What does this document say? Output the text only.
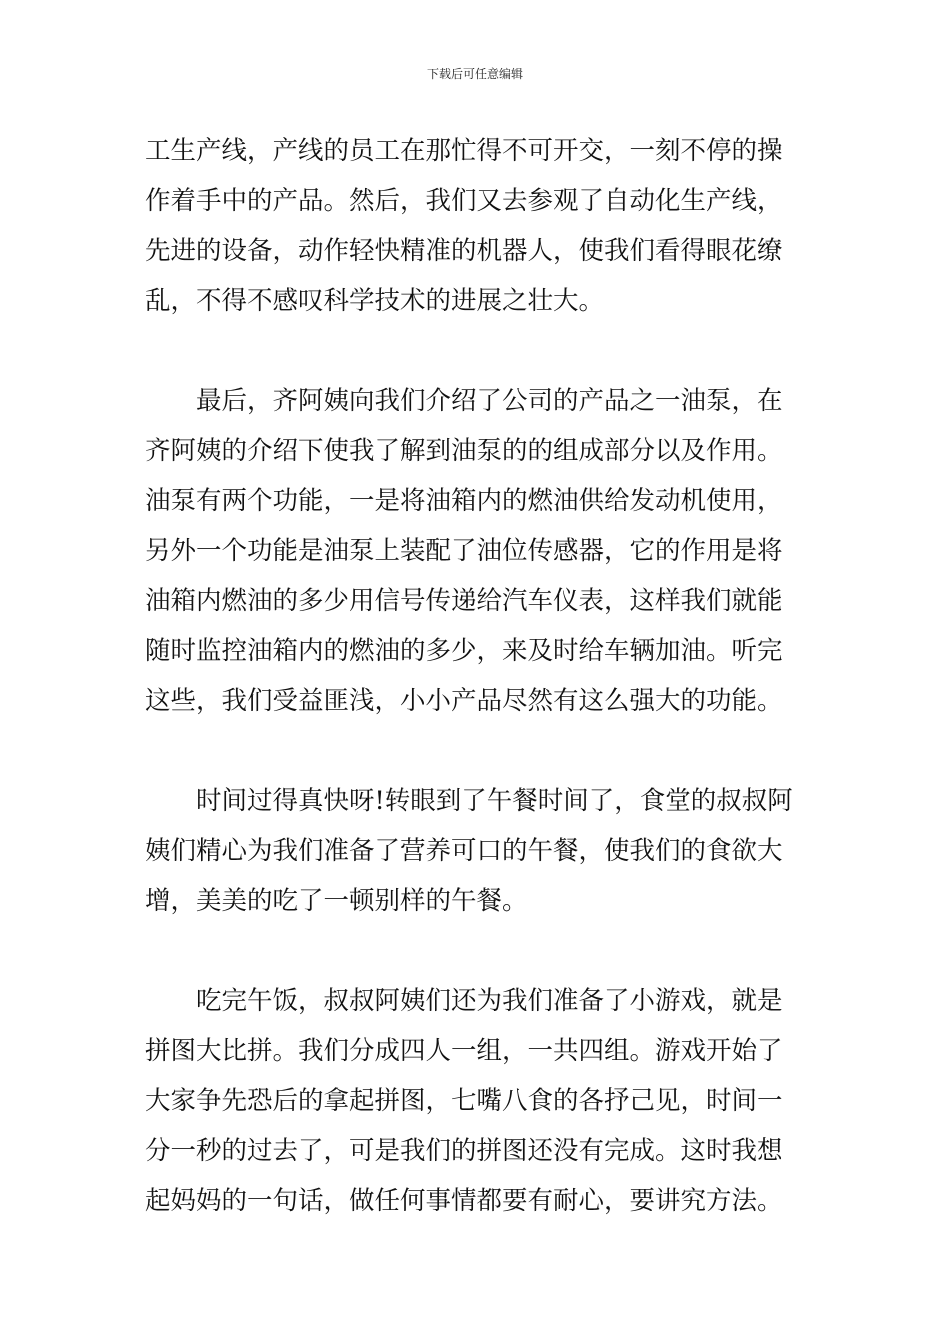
下载后可任意编辑

工生产线，产线的员工在那忙得不可开交，一刻不停的操

作着手中的产品。然后，我们又去参观了自动化生产线，

先进的设备，动作轻快精准的机器人，使我们看得眼花缭

乱，不得不感叹科学技术的进展之壮大。

最后，齐阿姨向我们介绍了公司的产品之一油泵，在

齐阿姨的介绍下使我了解到油泵的的组成部分以及作用。

油泵有两个功能，一是将油箱内的燃油供给发动机使用，

另外一个功能是油泵上装配了油位传感器，它的作用是将

油箱内燃油的多少用信号传递给汽车仪表，这样我们就能

随时监控油箱内的燃油的多少，来及时给车辆加油。听完

这些，我们受益匪浅，小小产品尽然有这么强大的功能。

时间过得真快呀!转眼到了午餐时间了，食堂的叔叔阿

姨们精心为我们准备了营养可口的午餐，使我们的食欲大

增，美美的吃了一顿别样的午餐。

吃完午饭，叔叔阿姨们还为我们准备了小游戏，就是

拼图大比拼。我们分成四人一组，一共四组。游戏开始了

大家争先恐后的拿起拼图，七嘴八食的各抒己见，时间一

分一秒的过去了，可是我们的拼图还没有完成。这时我想

起妈妈的一句话，做任何事情都要有耐心，要讲究方法。
